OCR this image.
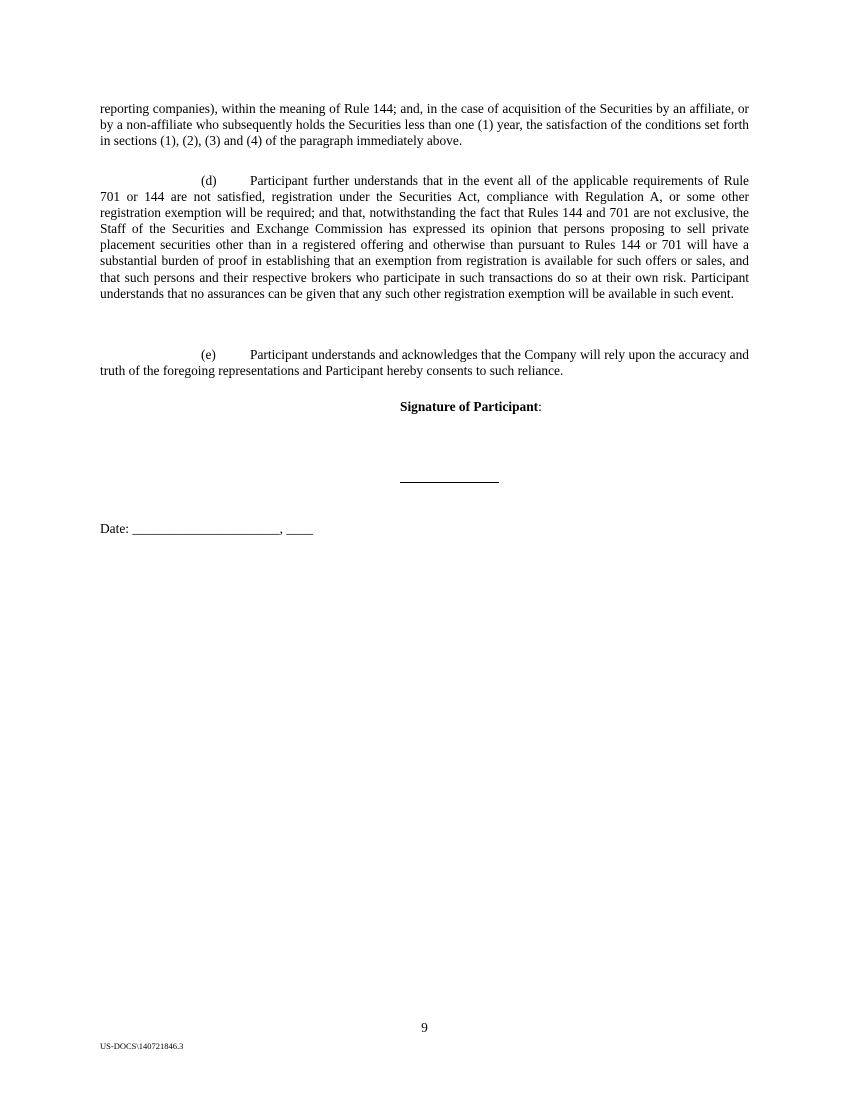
reporting companies), within the meaning of Rule 144; and, in the case of acquisition of the Securities by an affiliate, or by a non-affiliate who subsequently holds the Securities less than one (1) year, the satisfaction of the conditions set forth in sections (1), (2), (3) and (4) of the paragraph immediately above.

(d) Participant further understands that in the event all of the applicable requirements of Rule 701 or 144 are not satisfied, registration under the Securities Act, compliance with Regulation A, or some other registration exemption will be required; and that, notwithstanding the fact that Rules 144 and 701 are not exclusive, the Staff of the Securities and Exchange Commission has expressed its opinion that persons proposing to sell private placement securities other than in a registered offering and otherwise than pursuant to Rules 144 or 701 will have a substantial burden of proof in establishing that an exemption from registration is available for such offers or sales, and that such persons and their respective brokers who participate in such transactions do so at their own risk. Participant understands that no assurances can be given that any such other registration exemption will be available in such event.

(e)	Participant understands and acknowledges that the Company will rely upon the accuracy and truth of the foregoing representations and Participant hereby consents to such reliance.

Signature of Participant:

Date: ______________________, ____

9

US-DOCS\140721846.3
